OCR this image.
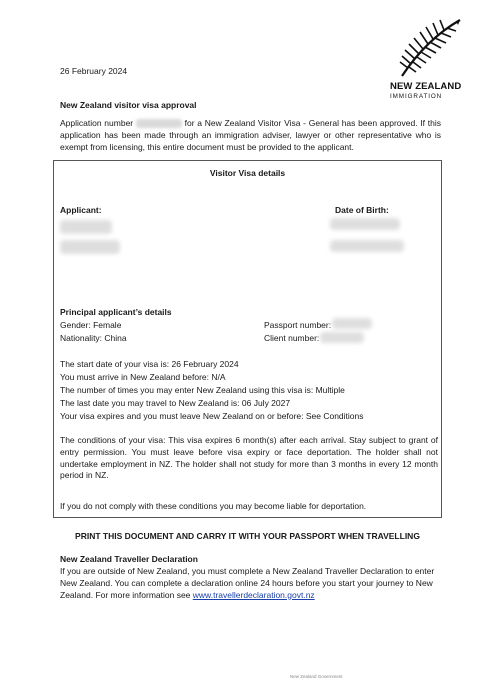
NEW ZEALAND
IMMIGRATION
26 February 2024
New Zealand visitor visa approval
Application number	for a New Zealand Visitor Visa - General has been approved. If this application has been made through an immigration adviser, lawyer or other representative who is exempt from licensing, this entire document must be provided to the applicant.
Visitor Visa details
Applicant:	Date of Birth:
Principal applicant’s details
Gender: Female
Nationality: China
Passport number:
Client number:
The start date of your visa is: 26 February 2024
You must arrive in New Zealand before: N/A
The number of times you may enter New Zealand using this visa is: Multiple
The last date you may travel to New Zealand is: 06 July 2027
Your visa expires and you must leave New Zealand on or before: See Conditions
The conditions of your visa: This visa expires 6 month(s) after each arrival. Stay subject to grant of entry permission. You must leave before visa expiry or face deportation. The holder shall not undertake employment in NZ. The holder shall not study for more than 3 months in every 12 month period in NZ.
If you do not comply with these conditions you may become liable for deportation.
PRINT THIS DOCUMENT AND CARRY IT WITH YOUR PASSPORT WHEN TRAVELLING
New Zealand Traveller Declaration
If you are outside of New Zealand, you must complete a New Zealand Traveller Declaration to enter New Zealand. You can complete a declaration online 24 hours before you start your journey to New Zealand. For more information see www.travellerdeclaration.govt.nz
New Zealand Government
